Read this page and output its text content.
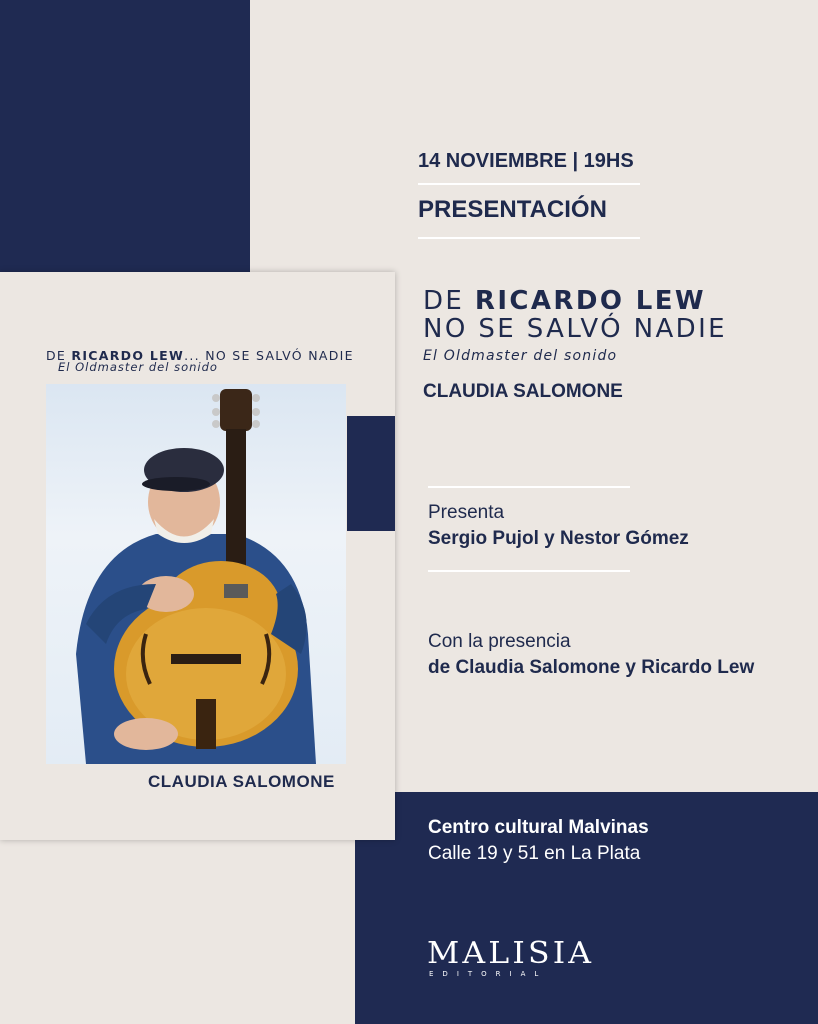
DE RICARDO LEW... NO SE SALVÓ NADIE
El Oldmaster del sonido
CLAUDIA SALOMONE
14 NOVIEMBRE | 19HS
PRESENTACIÓN
DE RICARDO LEW
NO SE SALVÓ NADIE
El Oldmaster del sonido
CLAUDIA SALOMONE
Presenta
Sergio Pujol y Nestor Gómez
Con la presencia
de Claudia Salomone y Ricardo Lew
Centro cultural Malvinas
Calle 19 y 51 en La Plata
MALISIA
EDITORIAL
